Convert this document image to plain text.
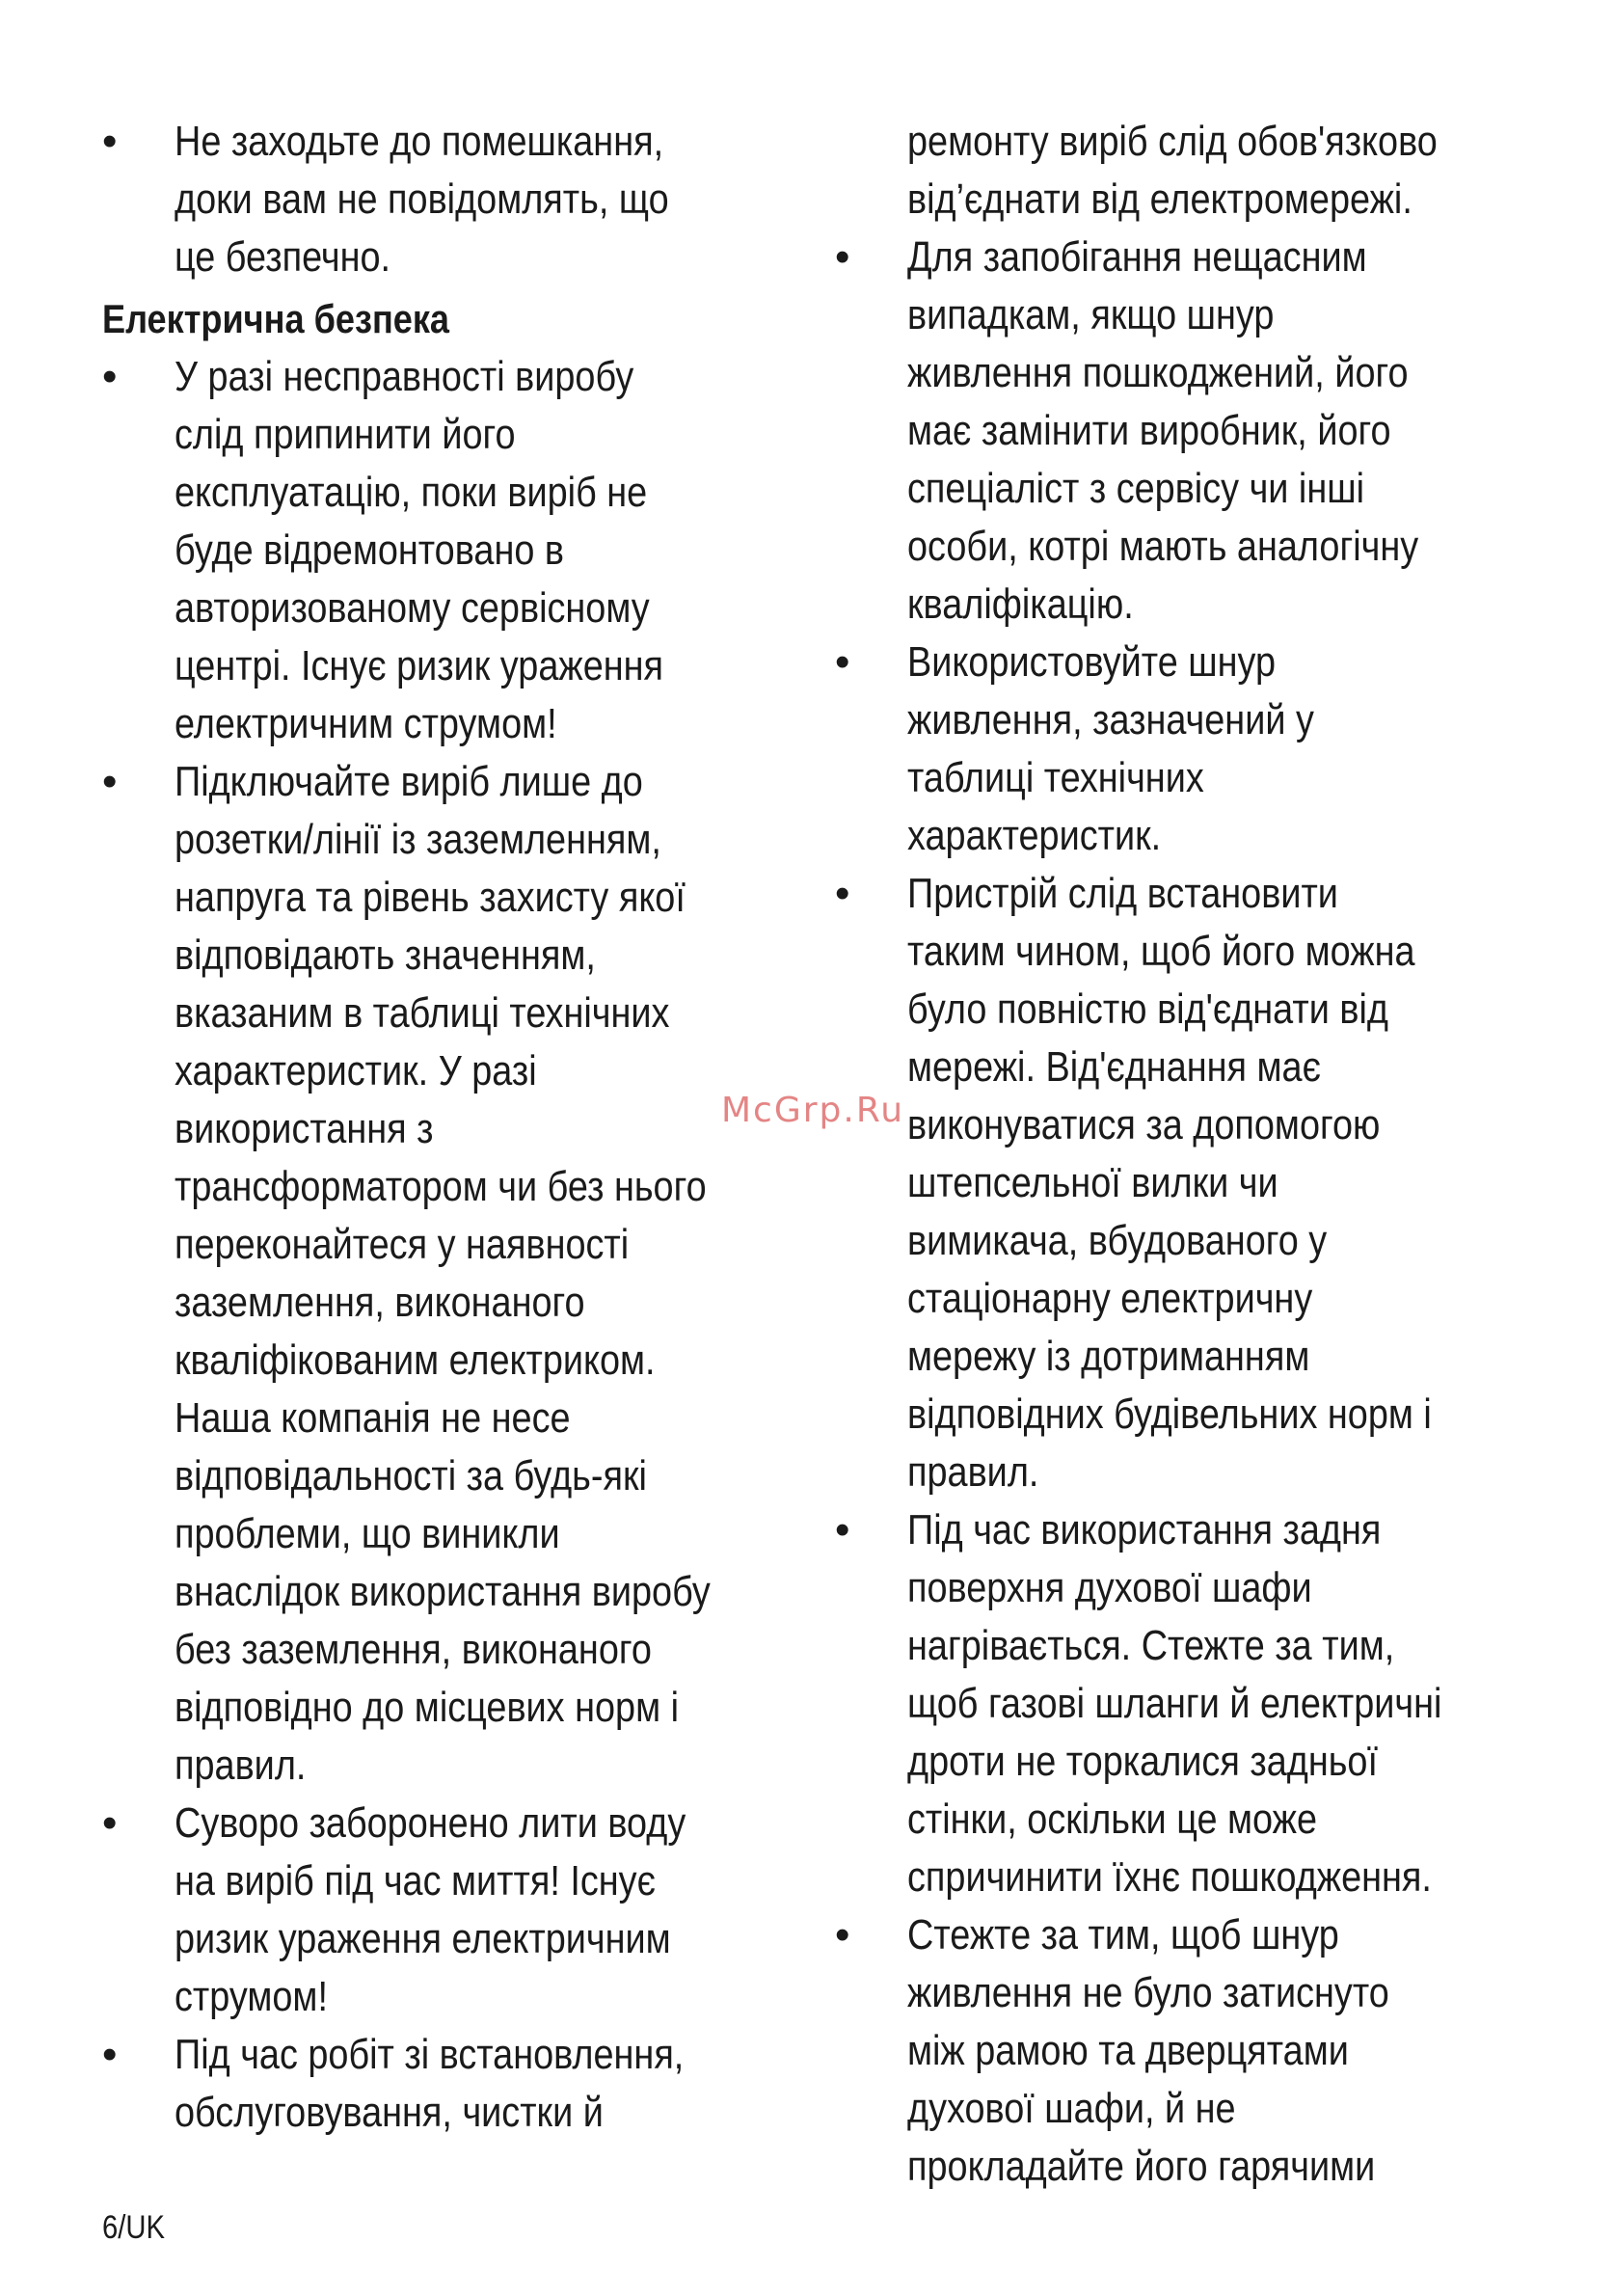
• Не заходьте до помешкання,
доки вам не повідомлять, що
це безпечно.
Електрична безпека
• У разі несправності виробу
слід припинити його
експлуатацію, поки виріб не
буде відремонтовано в
авторизованому сервісному
центрі. Існує ризик ураження
електричним струмом!
• Підключайте виріб лише до
розетки/лінії із заземленням,
напруга та рівень захисту якої
відповідають значенням,
вказаним в таблиці технічних
характеристик. У разі
використання з
трансформатором чи без нього
переконайтеся у наявності
заземлення, виконаного
кваліфікованим електриком.
Наша компанія не несе
відповідальності за будь-які
проблеми, що виникли
внаслідок використання виробу
без заземлення, виконаного
відповідно до місцевих норм і
правил.
• Суворо заборонено лити воду
на виріб під час миття! Існує
ризик ураження електричним
струмом!
• Під час робіт зі встановлення,
обслуговування, чистки й
ремонту виріб слід обов'язково
від’єднати від електромережі.
• Для запобігання нещасним
випадкам, якщо шнур
живлення пошкоджений, його
має замінити виробник, його
спеціаліст з сервісу чи інші
особи, котрі мають аналогічну
кваліфікацію.
• Використовуйте шнур
живлення, зазначений у
таблиці технічних
характеристик.
• Пристрій слід встановити
таким чином, щоб його можна
було повністю від'єднати від
мережі. Від'єднання має
виконуватися за допомогою
штепсельної вилки чи
вимикача, вбудованого у
стаціонарну електричну
мережу із дотриманням
відповідних будівельних норм і
правил.
• Під час використання задня
поверхня духової шафи
нагрівається. Стежте за тим,
щоб газові шланги й електричні
дроти не торкалися задньої
стінки, оскільки це може
спричинити їхнє пошкодження.
• Стежте за тим, щоб шнур
живлення не було затиснуто
між рамою та дверцятами
духової шафи, й не
прокладайте його гарячими
McGrp.Ru
6/UK
